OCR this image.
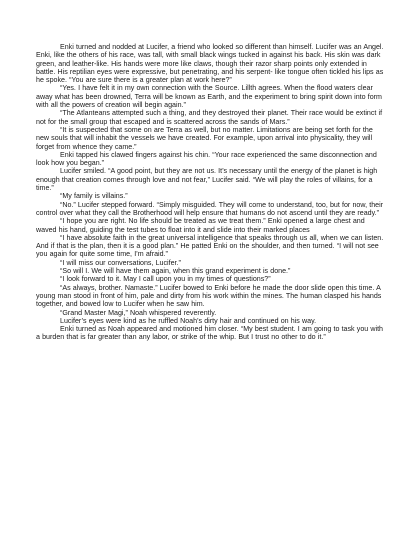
Enki turned and nodded at Lucifer, a friend who looked so different than himself. Lucifer was an Angel. Enki, like the others of his race, was tall, with small black wings tucked in against his back. His skin was dark green, and leather-like. His hands were more like claws, though their razor sharp points only extended in battle. His reptilian eyes were expressive, but penetrating, and his serpent- like tongue often tickled his lips as he spoke. “You are sure there is a greater plan at work here?”

“Yes. I have felt it in my own connection with the Source. Lillth agrees. When the flood waters clear away what has been drowned, Terra will be known as Earth, and the experiment to bring spirit down into form with all the powers of creation will begin again.”

“The Atlanteans attempted such a thing, and they destroyed their planet. Their race would be extinct if not for the small group that escaped and is scattered across the sands of Mars.”

“It is suspected that some on are Terra as well, but no matter. Limitations are being set forth for the new souls that will inhabit the vessels we have created. For example, upon arrival into physicality, they will forget from whence they came.”

Enki tapped his clawed fingers against his chin. “Your race experienced the same disconnection and look how you began.”

Lucifer smiled. “A good point, but they are not us. It’s necessary until the energy of the planet is high enough that creation comes through love and not fear,” Lucifer said. “We will play the roles of villains, for a time.”

“My family is villains.”

“No.” Lucifer stepped forward. “Simply misguided. They will come to understand, too, but for now, their control over what they call the Brotherhood will help ensure that humans do not ascend until they are ready.”

“I hope you are right. No life should be treated as we treat them.” Enki opened a large chest and waved his hand, guiding the test tubes to float into it and slide into their marked places

“I have absolute faith in the great universal intelligence that speaks through us all, when we can listen. And if that is the plan, then it is a good plan.” He patted Enki on the shoulder, and then turned. “I will not see you again for quite some time, I’m afraid.”

“I will miss our conversations, Lucifer.”

“So will I. We will have them again, when this grand experiment is done.”

“I look forward to it. May I call upon you in my times of questions?”

“As always, brother. Namaste.” Lucifer bowed to Enki before he made the door slide open this time. A young man stood in front of him, pale and dirty from his work within the mines. The human clasped his hands together, and bowed low to Lucifer when he saw him.

“Grand Master Magi,” Noah whispered reverently.

Lucifer’s eyes were kind as he ruffled Noah’s dirty hair and continued on his way.

Enki turned as Noah appeared and motioned him closer. “My best student. I am going to task you with a burden that is far greater than any labor, or strike of the whip. But I trust no other to do it.”
